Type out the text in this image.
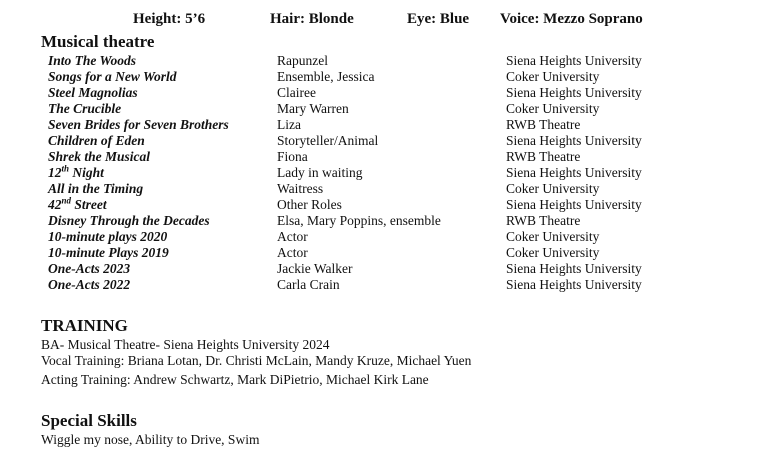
Height: 5’6	Hair: Blonde	Eye: Blue Voice: Mezzo Soprano
Musical theatre
Into The Woods	Rapunzel	Siena Heights University
Songs for a New World	Ensemble, Jessica	Coker University
Steel Magnolias	Clairee	Siena Heights University
The Crucible	Mary Warren	Coker University
Seven Brides for Seven Brothers	Liza	RWB Theatre
Children of Eden	Storyteller/Animal	Siena Heights University
Shrek the Musical	Fiona	RWB Theatre
12th Night	Lady in waiting	Siena Heights University
All in the Timing	Waitress	Coker University
42nd Street	Other Roles	Siena Heights University
Disney Through the Decades	Elsa, Mary Poppins, ensemble	RWB Theatre
10-minute plays 2020	Actor	Coker University
10-minute Plays 2019	Actor	Coker University
One-Acts 2023	Jackie Walker	Siena Heights University
One-Acts 2022	Carla Crain	Siena Heights University
TRAINING

BA- Musical Theatre- Siena Heights University 2024

Vocal Training: Briana Lotan, Dr. Christi McLain, Mandy Kruze, Michael Yuen

Acting Training: Andrew Schwartz, Mark DiPietrio, Michael Kirk Lane

Special Skills

Wiggle my nose, Ability to Drive, Swim
